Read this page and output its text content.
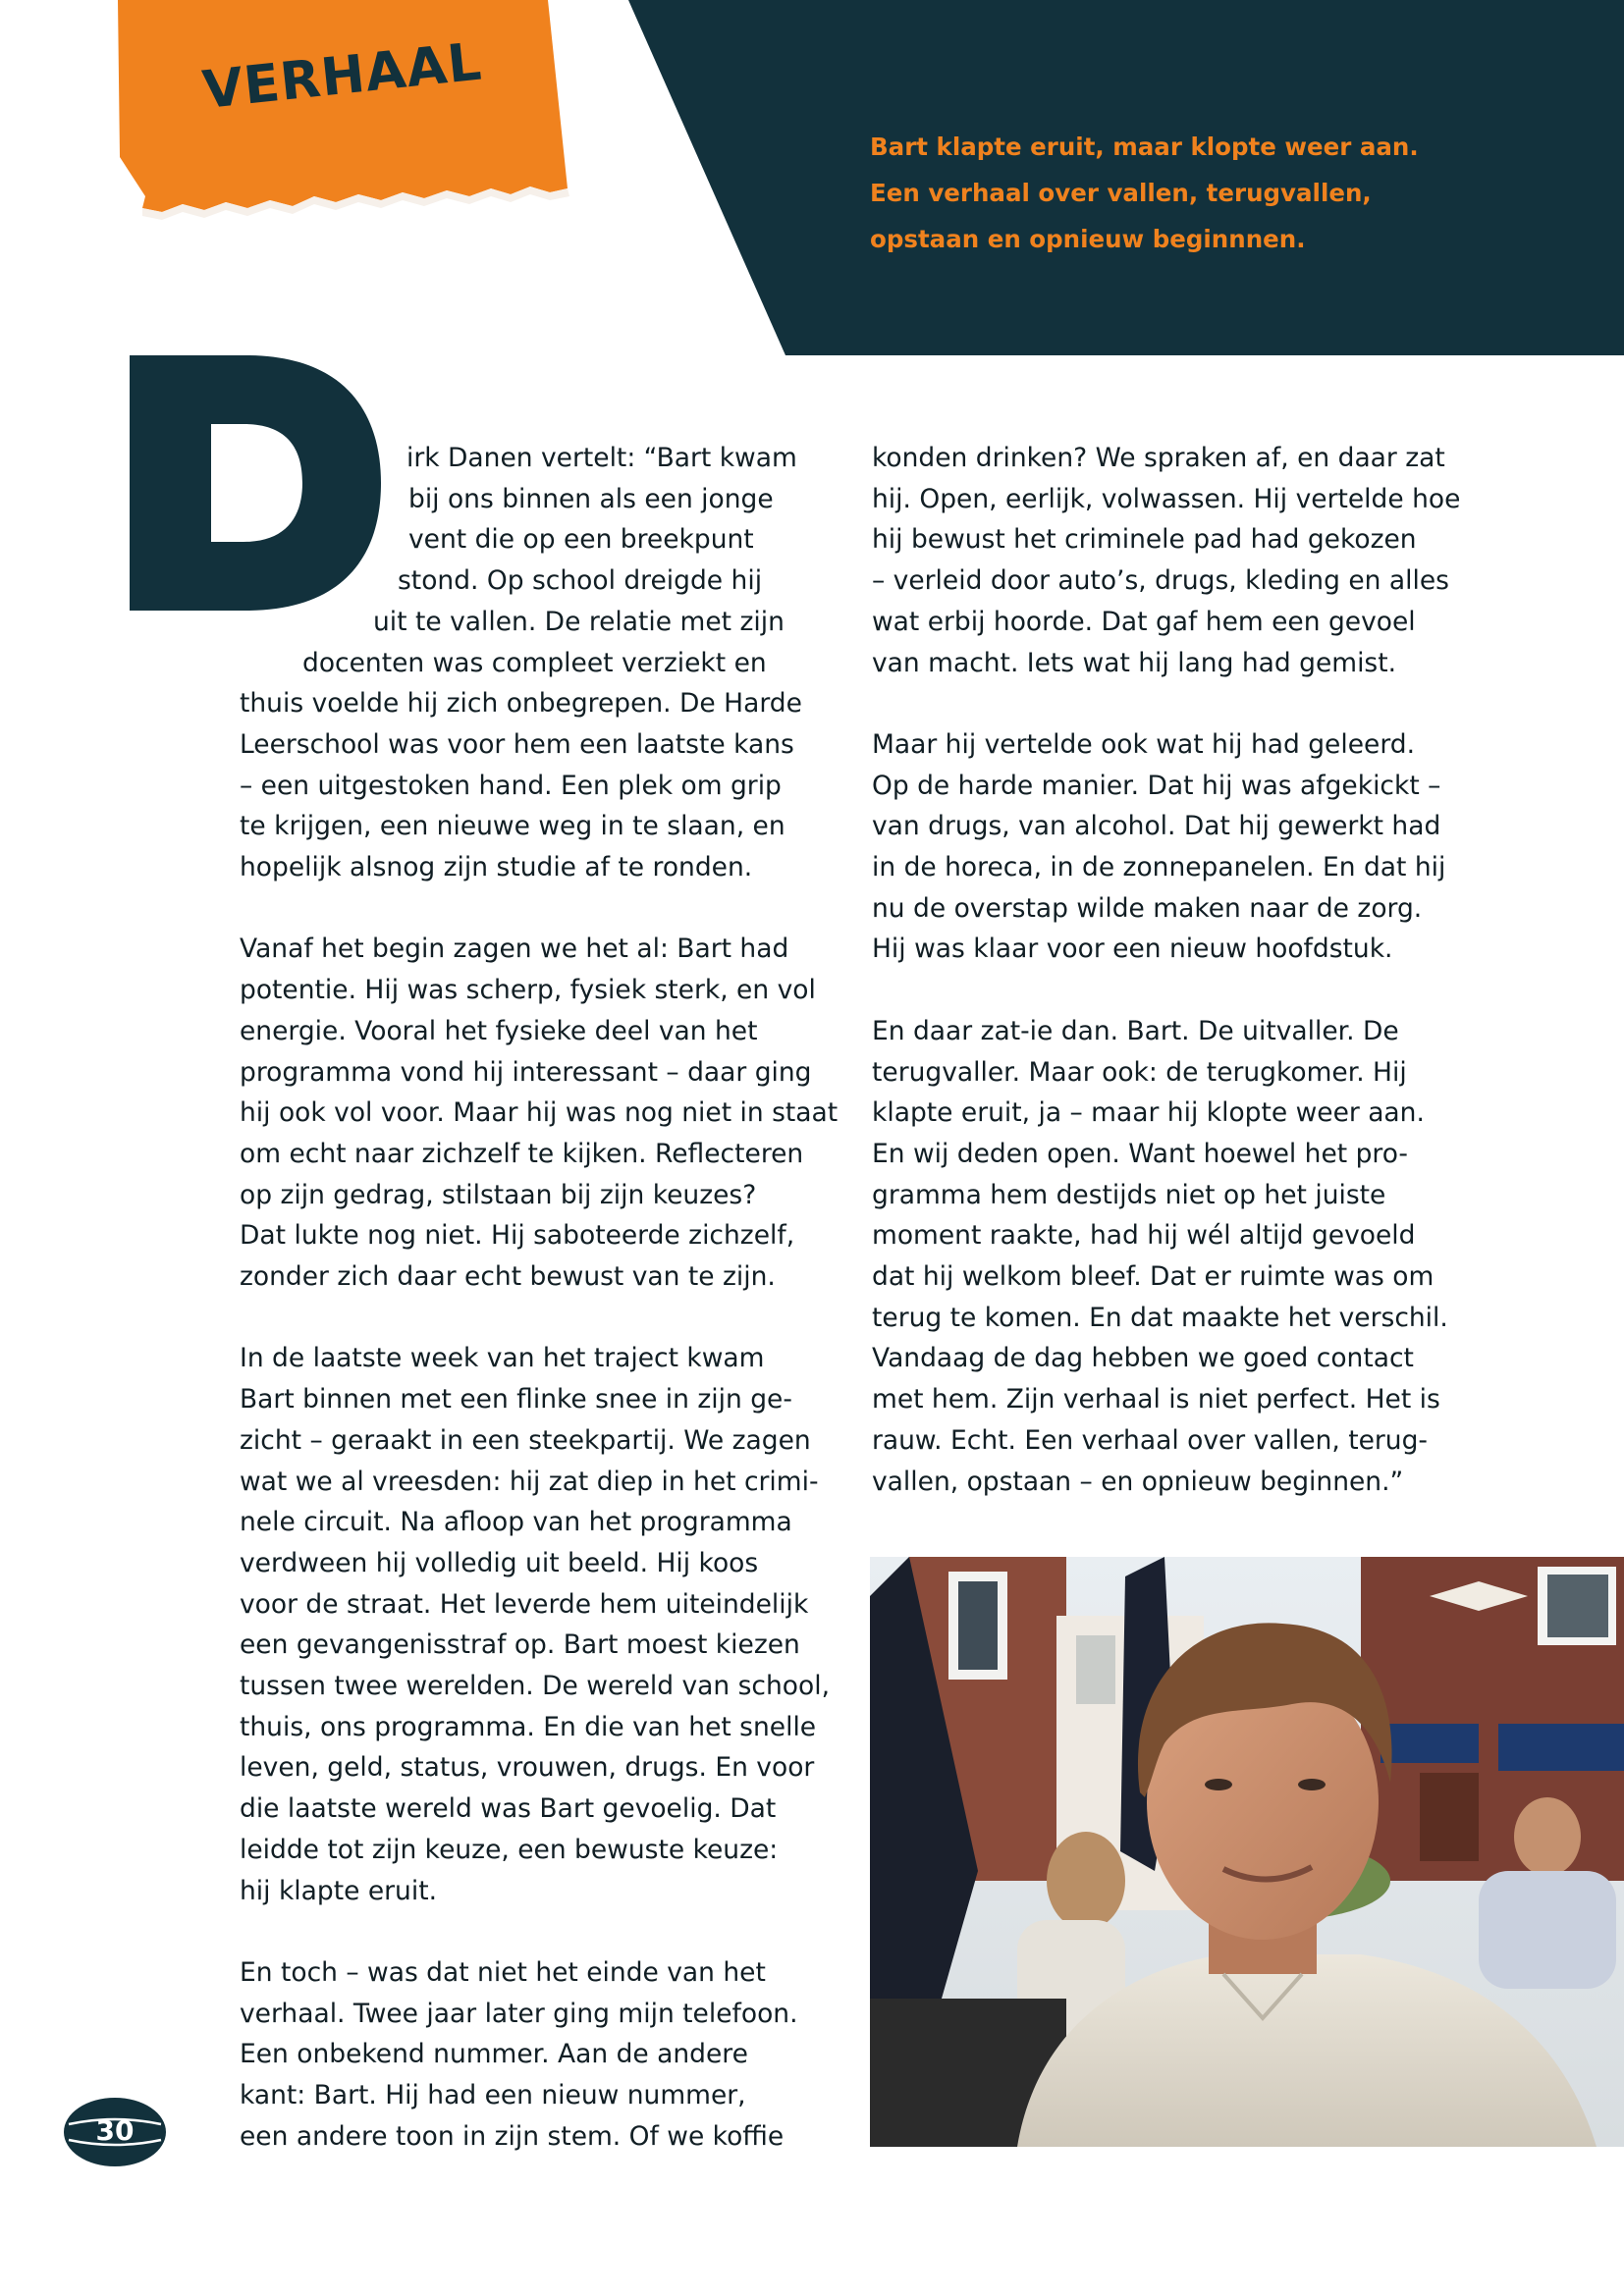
VERHAAL
Bart klapte eruit, maar klopte weer aan.
Een verhaal over vallen, terugvallen,
opstaan en opnieuw beginnnen.
irk Danen vertelt: “Bart kwam
bij ons binnen als een jonge
vent die op een breekpunt
stond. Op school dreigde hij
uit te vallen. De relatie met zijn
docenten was compleet verziekt en
thuis voelde hij zich onbegrepen. De Harde
Leerschool was voor hem een laatste kans
– een uitgestoken hand. Een plek om grip
te krijgen, een nieuwe weg in te slaan, en
hopelijk alsnog zijn studie af te ronden.
Vanaf het begin zagen we het al: Bart had
potentie. Hij was scherp, fysiek sterk, en vol
energie. Vooral het fysieke deel van het
programma vond hij interessant – daar ging
hij ook vol voor. Maar hij was nog niet in staat
om echt naar zichzelf te kijken. Reflecteren
op zijn gedrag, stilstaan bij zijn keuzes?
Dat lukte nog niet. Hij saboteerde zichzelf,
zonder zich daar echt bewust van te zijn.
In de laatste week van het traject kwam
Bart binnen met een flinke snee in zijn ge-
zicht – geraakt in een steekpartij. We zagen
wat we al vreesden: hij zat diep in het crimi-
nele circuit. Na afloop van het programma
verdween hij volledig uit beeld. Hij koos
voor de straat. Het leverde hem uiteindelijk
een gevangenisstraf op. Bart moest kiezen
tussen twee werelden. De wereld van school,
thuis, ons programma. En die van het snelle
leven, geld, status, vrouwen, drugs. En voor
die laatste wereld was Bart gevoelig. Dat
leidde tot zijn keuze, een bewuste keuze:
hij klapte eruit.
En toch – was dat niet het einde van het
verhaal. Twee jaar later ging mijn telefoon.
Een onbekend nummer. Aan de andere
kant: Bart. Hij had een nieuw nummer,
een andere toon in zijn stem. Of we koffie
konden drinken? We spraken af, en daar zat
hij. Open, eerlijk, volwassen. Hij vertelde hoe
hij bewust het criminele pad had gekozen
– verleid door auto’s, drugs, kleding en alles
wat erbij hoorde. Dat gaf hem een gevoel
van macht. Iets wat hij lang had gemist.
Maar hij vertelde ook wat hij had geleerd.
Op de harde manier. Dat hij was afgekickt –
van drugs, van alcohol. Dat hij gewerkt had
in de horeca, in de zonnepanelen. En dat hij
nu de overstap wilde maken naar de zorg.
Hij was klaar voor een nieuw hoofdstuk.
En daar zat-ie dan. Bart. De uitvaller. De
terugvaller. Maar ook: de terugkomer. Hij
klapte eruit, ja – maar hij klopte weer aan.
En wij deden open. Want hoewel het pro-
gramma hem destijds niet op het juiste
moment raakte, had hij wél altijd gevoeld
dat hij welkom bleef. Dat er ruimte was om
terug te komen. En dat maakte het verschil.
Vandaag de dag hebben we goed contact
met hem. Zijn verhaal is niet perfect. Het is
rauw. Echt. Een verhaal over vallen, terug-
vallen, opstaan – en opnieuw beginnen.”
30
